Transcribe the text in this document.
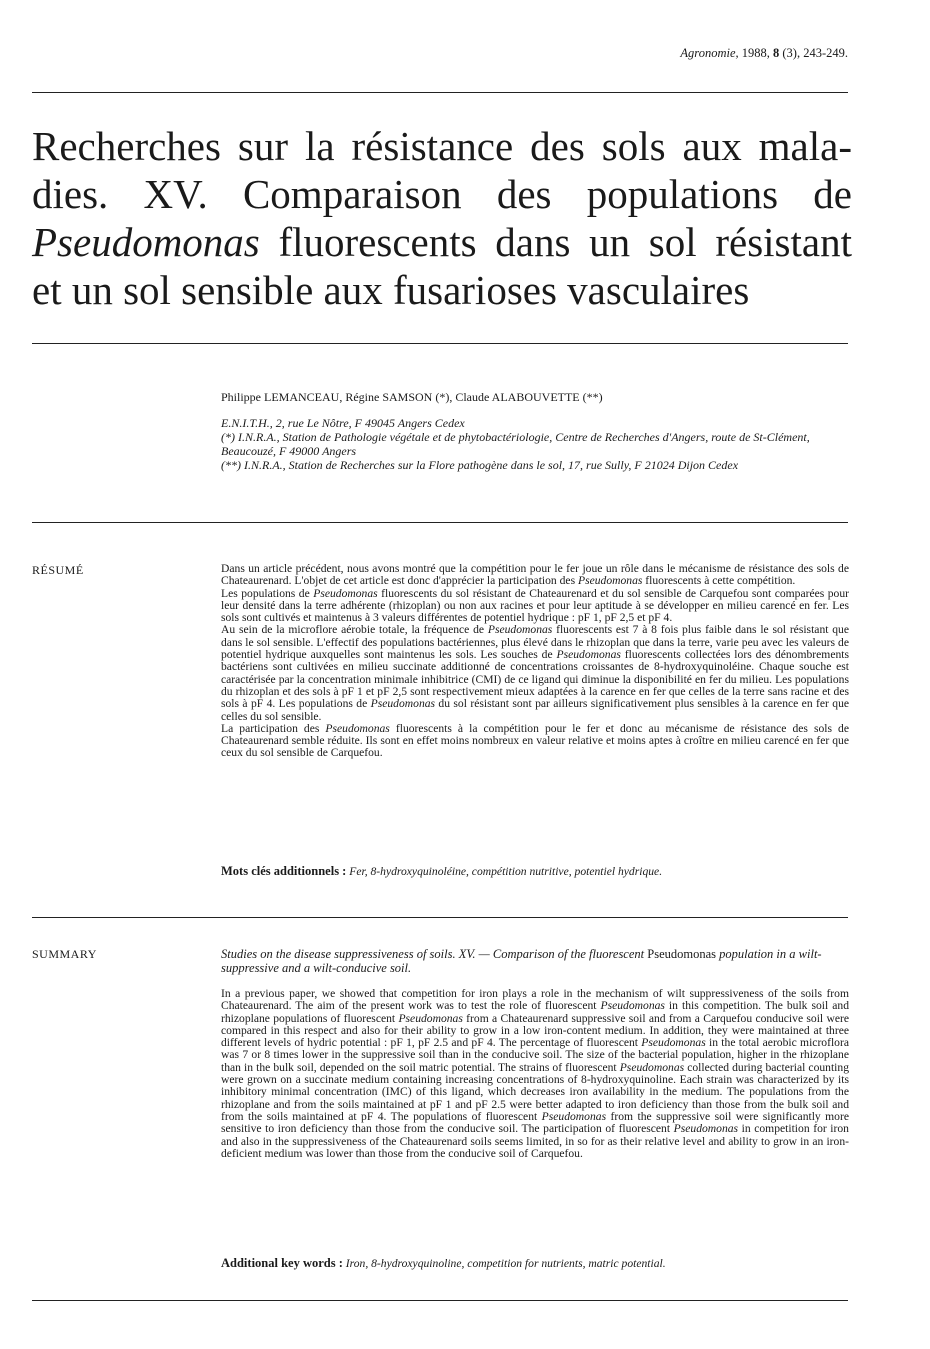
Agronomie, 1988, 8 (3), 243-249.
Recherches sur la résistance des sols aux mala-
dies. XV. Comparaison des populations de
Pseudomonas fluorescents dans un sol résistant
et un sol sensible aux fusarioses vasculaires

Philippe LEMANCEAU, Régine SAMSON (*), Claude ALABOUVETTE (**)

E.N.I.T.H., 2, rue Le Nôtre, F 49045 Angers Cedex

(*) I.N.R.A., Station de Pathologie végétale et de phytobactériologie, Centre de Recherches d'Angers, route de St-Clément, Beaucouzé, F 49000 Angers

(**) I.N.R.A., Station de Recherches sur la Flore pathogène dans le sol, 17, rue Sully, F 21024 Dijon Cedex

RÉSUMÉ	Dans un article précédent, nous avons montré que la compétition pour le fer joue un rôle dans le mécanisme de résistance des sols de Chateaurenard. L'objet de cet article est donc d'apprécier la participation des Pseudomonas fluorescents à cette compétition.

Les populations de Pseudomonas fluorescents du sol résistant de Chateaurenard et du sol sensible de Carquefou sont comparées pour leur densité dans la terre adhérente (rhizoplan) ou non aux racines et pour leur aptitude à se développer en milieu carencé en fer. Les sols sont cultivés et maintenus à 3 valeurs différentes de potentiel hydrique : pF 1, pF 2,5 et pF 4.

Au sein de la microflore aérobie totale, la fréquence de Pseudomonas fluorescents est 7 à 8 fois plus faible dans le sol résistant que dans le sol sensible. L'effectif des populations bactériennes, plus élevé dans le rhizoplan que dans la terre, varie peu avec les valeurs de potentiel hydrique auxquelles sont maintenus les sols. Les souches de Pseudomonas fluorescents collectées lors des dénombrements bactériens sont cultivées en milieu succinate additionné de concentrations croissantes de 8-hydroxyquinoléine. Chaque souche est caractérisée par la concentration minimale inhibitrice (CMI) de ce ligand qui diminue la disponibilité en fer du milieu. Les populations du rhizoplan et des sols à pF 1 et pF 2,5 sont respectivement mieux adaptées à la carence en fer que celles de la terre sans racine et des sols à pF 4. Les populations de Pseudomonas du sol résistant sont par ailleurs significativement plus sensibles à la carence en fer que celles du sol sensible.

La participation des Pseudomonas fluorescents à la compétition pour le fer et donc au mécanisme de résistance des sols de Chateaurenard semble réduite. Ils sont en effet moins nombreux en valeur relative et moins aptes à croître en milieu carencé en fer que ceux du sol sensible de Carquefou.

Mots clés additionnels : Fer, 8-hydroxyquinoléine, compétition nutritive, potentiel hydrique.
SUMMARY	Studies on the disease suppressiveness of soils. XV. — Comparison of the fluorescent Pseudomonas population in a wilt-suppressive and a wilt-conducive soil.

In a previous paper, we showed that competition for iron plays a role in the mechanism of wilt suppressiveness of the soils from Chateaurenard. The aim of the present work was to test the role of fluorescent Pseudomonas in this competition. The bulk soil and rhizoplane populations of fluorescent Pseudomonas from a Chateaurenard suppressive soil and from a Carquefou conducive soil were compared in this respect and also for their ability to grow in a low iron-content medium. In addition, they were maintained at three different levels of hydric potential : pF 1, pF 2.5 and pF 4. The percentage of fluorescent Pseudomonas in the total aerobic microflora was 7 or 8 times lower in the suppressive soil than in the conducive soil. The size of the bacterial population, higher in the rhizoplane than in the bulk soil, depended on the soil matric potential. The strains of fluorescent Pseudomonas collected during bacterial counting were grown on a succinate medium containing increasing concentrations of 8-hydroxyquinoline. Each strain was characterized by its inhibitory minimal concentration (IMC) of this ligand, which decreases iron availability in the medium. The populations from the rhizoplane and from the soils maintained at pF 1 and pF 2.5 were better adapted to iron deficiency than those from the bulk soil and from the soils maintained at pF 4. The populations of fluorescent Pseudomonas from the suppressive soil were significantly more sensitive to iron deficiency than those from the conducive soil. The participation of fluorescent Pseudomonas in competition for iron and also in the suppressiveness of the Chateaurenard soils seems limited, in so for as their relative level and ability to grow in an iron-deficient medium was lower than those from the conducive soil of Carquefou.

Additional key words : Iron, 8-hydroxyquinoline, competition for nutrients, matric potential.
